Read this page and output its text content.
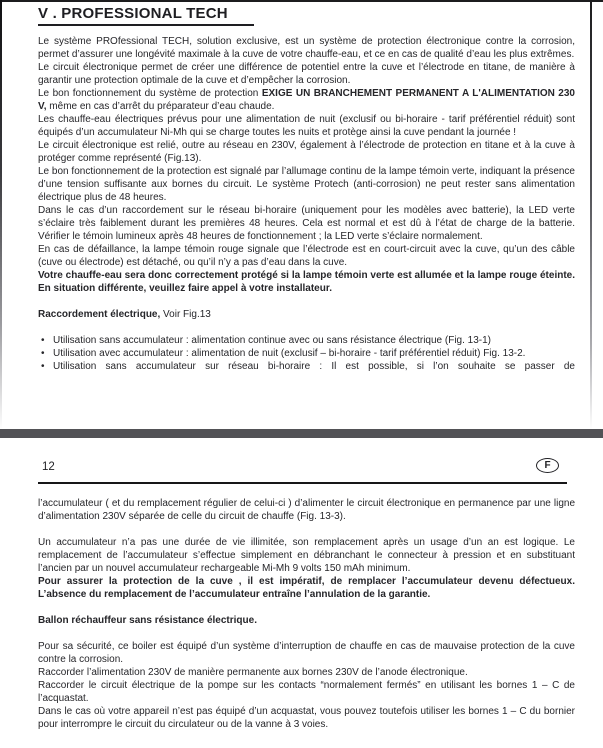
V . PROFESSIONAL TECH
Le système PROfessional TECH, solution exclusive, est un système de protection électronique contre la corrosion, permet d’assurer une longévité maximale à la cuve de votre chauffe-eau, et ce en cas de qualité d’eau les plus extrêmes.
Le circuit électronique permet de créer une différence de potentiel entre la cuve et l’électrode en titane, de manière à garantir une protection optimale de la cuve et d’empêcher la corrosion.
Le bon fonctionnement du système de protection EXIGE UN BRANCHEMENT PERMANENT A L'ALIMENTATION 230 V, même en cas d’arrêt du préparateur d’eau chaude.
Les chauffe-eau électriques prévus pour une alimentation de nuit (exclusif ou bi-horaire - tarif préférentiel réduit) sont équipés d’un accumulateur Ni-Mh qui se charge toutes les nuits et protège ainsi la cuve pendant la journée !
Le circuit électronique est relié, outre au réseau en 230V, également à l’électrode de protection en titane et à la cuve à protéger comme représenté (Fig.13).
Le bon fonctionnement de la protection est signalé par l’allumage continu de la lampe témoin verte, indiquant la présence d’une tension suffisante aux bornes du circuit. Le système Protech (anti-corrosion) ne peut rester sans alimentation électrique plus de 48 heures.
Dans le cas d’un raccordement sur le réseau bi-horaire (uniquement pour les modèles avec batterie), la LED verte s’éclaire très faiblement durant les premières 48 heures. Cela est normal et est dû à l’état de charge de la batterie. Vérifier le témoin lumineux après 48 heures de fonctionnement ; la LED verte s’éclaire normalement.
En cas de défaillance, la lampe témoin rouge signale que l’électrode est en court-circuit avec la cuve, qu’un des câble (cuve ou électrode) est détaché, ou qu’il n’y a pas d’eau dans la cuve.
Votre chauffe-eau sera donc correctement protégé si la lampe témoin verte est allumée et la lampe rouge éteinte. En situation différente, veuillez faire appel à votre installateur.
Raccordement électrique, Voir Fig.13
• Utilisation sans accumulateur : alimentation continue avec ou sans résistance électrique (Fig. 13-1)
• Utilisation avec accumulateur : alimentation de nuit (exclusif – bi-horaire - tarif préférentiel réduit) Fig. 13-2.
• Utilisation sans accumulateur sur réseau bi-horaire : Il est possible, si l’on souhaite se passer de
12	F
l’accumulateur ( et du remplacement régulier de celui-ci ) d’alimenter le circuit électronique en permanence par une ligne d’alimentation 230V séparée de celle du circuit de chauffe (Fig. 13-3).
Un accumulateur n’a pas une durée de vie illimitée, son remplacement après un usage d’un an est logique. Le remplacement de l’accumulateur s’effectue simplement en débranchant le connecteur à pression et en substituant l’ancien par un nouvel accumulateur rechargeable Mi-Mh 9 volts 150 mAh minimum.
Pour assurer la protection de la cuve , il est impératif, de remplacer l’accumulateur devenu défectueux. L’absence du remplacement de l’accumulateur entraîne l’annulation de la garantie.
Ballon réchauffeur sans résistance électrique.
Pour sa sécurité, ce boiler est équipé d’un système d’interruption de chauffe en cas de mauvaise protection de la cuve contre la corrosion.
Raccorder l’alimentation 230V de manière permanente aux bornes 230V de l’anode électronique.
Raccorder le circuit électrique de la pompe sur les contacts “normalement fermés” en utilisant les bornes 1 – C de l’acquastat.
Dans le cas où votre appareil n’est pas équipé d’un acquastat, vous pouvez toutefois utiliser les bornes 1 – C du bornier pour interrompre le circuit du circulateur ou de la vanne à 3 voies.
